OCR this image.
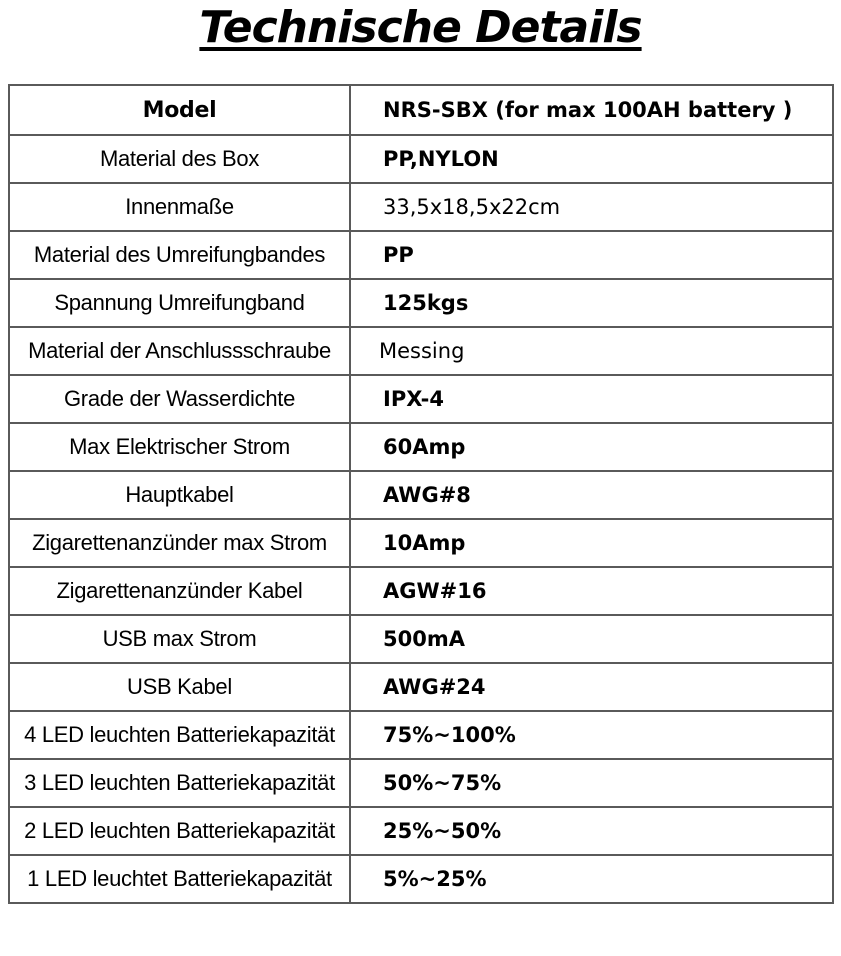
Technische Details
Model	NRS-SBX (for max 100AH battery )
Material des Box	PP,NYLON
Innenmaße	33,5x18,5x22cm
Material des Umreifungbandes	PP
Spannung Umreifungband	125kgs
Material der Anschlussschraube	Messing
Grade der Wasserdichte	IPX-4
Max Elektrischer Strom	60Amp
Hauptkabel	AWG#8
Zigarettenanzünder max Strom	10Amp
Zigarettenanzünder Kabel	AGW#16
USB max Strom	500mA
USB Kabel	AWG#24
4 LED leuchten Batteriekapazität	75%~100%
3 LED leuchten Batteriekapazität	50%~75%
2 LED leuchten Batteriekapazität	25%~50%
1 LED leuchtet Batteriekapazität	5%~25%
